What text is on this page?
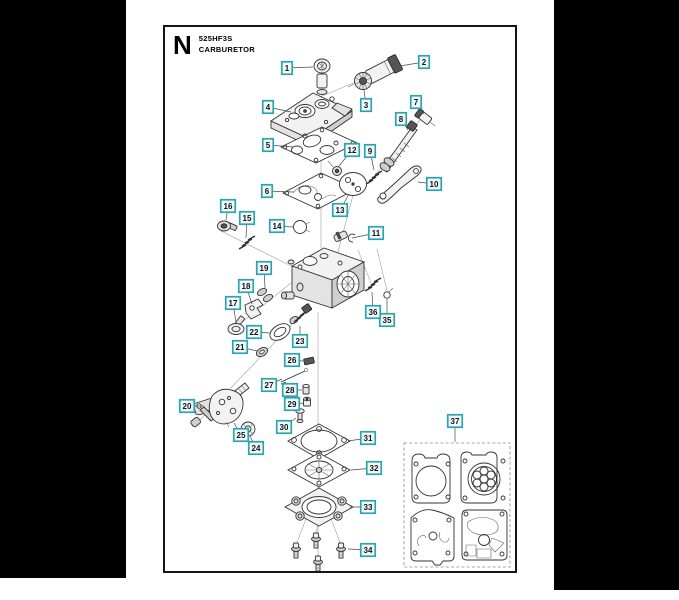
N 525HF3S
CARBURETOR
1
2
3
4
5
6
7
8
9
10
11
12
13
14
15
16
17
18
19
20
21
22
23
24
25
26
27
28
29
30
31
32
33
34
35
36
37
